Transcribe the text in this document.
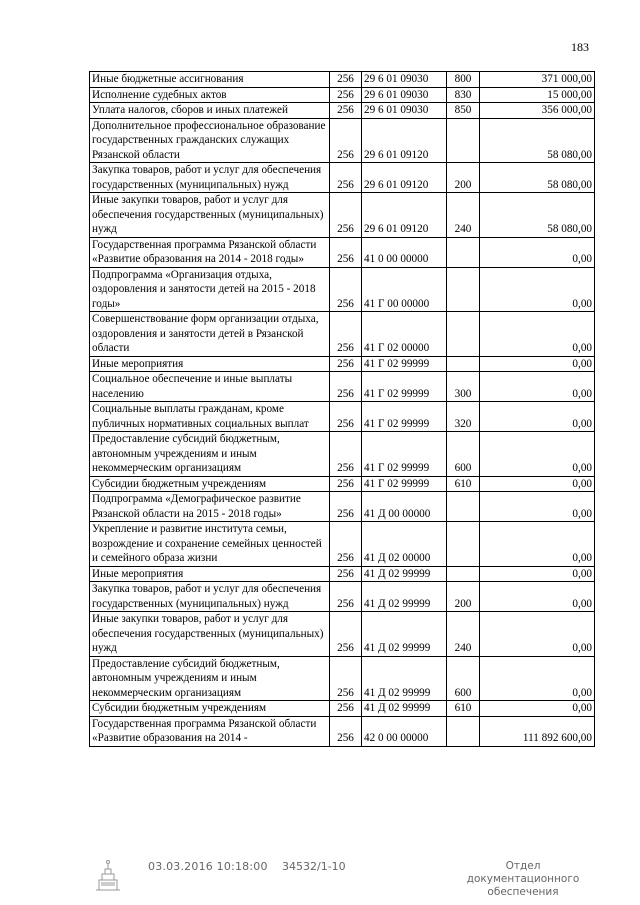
183
Иные бюджетные ассигнования	256	29 6 01 09030	800	371 000,00
Исполнение судебных актов	256	29 6 01 09030	830	15 000,00
Уплата налогов, сборов и иных платежей	256	29 6 01 09030	850	356 000,00
Дополнительное профессиональное образование государственных гражданских служащих Рязанской области	256	29 6 01 09120		58 080,00
Закупка товаров, работ и услуг для обеспечения государственных (муниципальных) нужд	256	29 6 01 09120	200	58 080,00
Иные закупки товаров, работ и услуг для обеспечения государственных (муниципальных) нужд	256	29 6 01 09120	240	58 080,00
Государственная программа Рязанской области «Развитие образования на 2014 - 2018 годы»	256	41 0 00 00000		0,00
Подпрограмма «Организация отдыха, оздоровления и занятости детей на 2015 - 2018 годы»	256	41 Г 00 00000		0,00
Совершенствование форм организации отдыха, оздоровления и занятости детей в Рязанской области	256	41 Г 02 00000		0,00
Иные мероприятия	256	41 Г 02 99999		0,00
Социальное обеспечение и иные выплаты населению	256	41 Г 02 99999	300	0,00
Социальные выплаты гражданам, кроме публичных нормативных социальных выплат	256	41 Г 02 99999	320	0,00
Предоставление субсидий бюджетным, автономным учреждениям и иным некоммерческим организациям	256	41 Г 02 99999	600	0,00
Субсидии бюджетным учреждениям	256	41 Г 02 99999	610	0,00
Подпрограмма «Демографическое развитие Рязанской области на 2015 - 2018 годы»	256	41 Д 00 00000		0,00
Укрепление и развитие института семьи, возрождение и сохранение семейных ценностей и семейного образа жизни	256	41 Д 02 00000		0,00
Иные мероприятия	256	41 Д 02 99999		0,00
Закупка товаров, работ и услуг для обеспечения государственных (муниципальных) нужд	256	41 Д 02 99999	200	0,00
Иные закупки товаров, работ и услуг для обеспечения государственных (муниципальных) нужд	256	41 Д 02 99999	240	0,00
Предоставление субсидий бюджетным, автономным учреждениям и иным некоммерческим организациям	256	41 Д 02 99999	600	0,00
Субсидии бюджетным учреждениям	256	41 Д 02 99999	610	0,00
Государственная программа Рязанской области «Развитие образования на 2014 -	256	42 0 00 00000		111 892 600,00
03.03.2016 10:18:00 34532/1-10	Отдел документационного обеспечения
